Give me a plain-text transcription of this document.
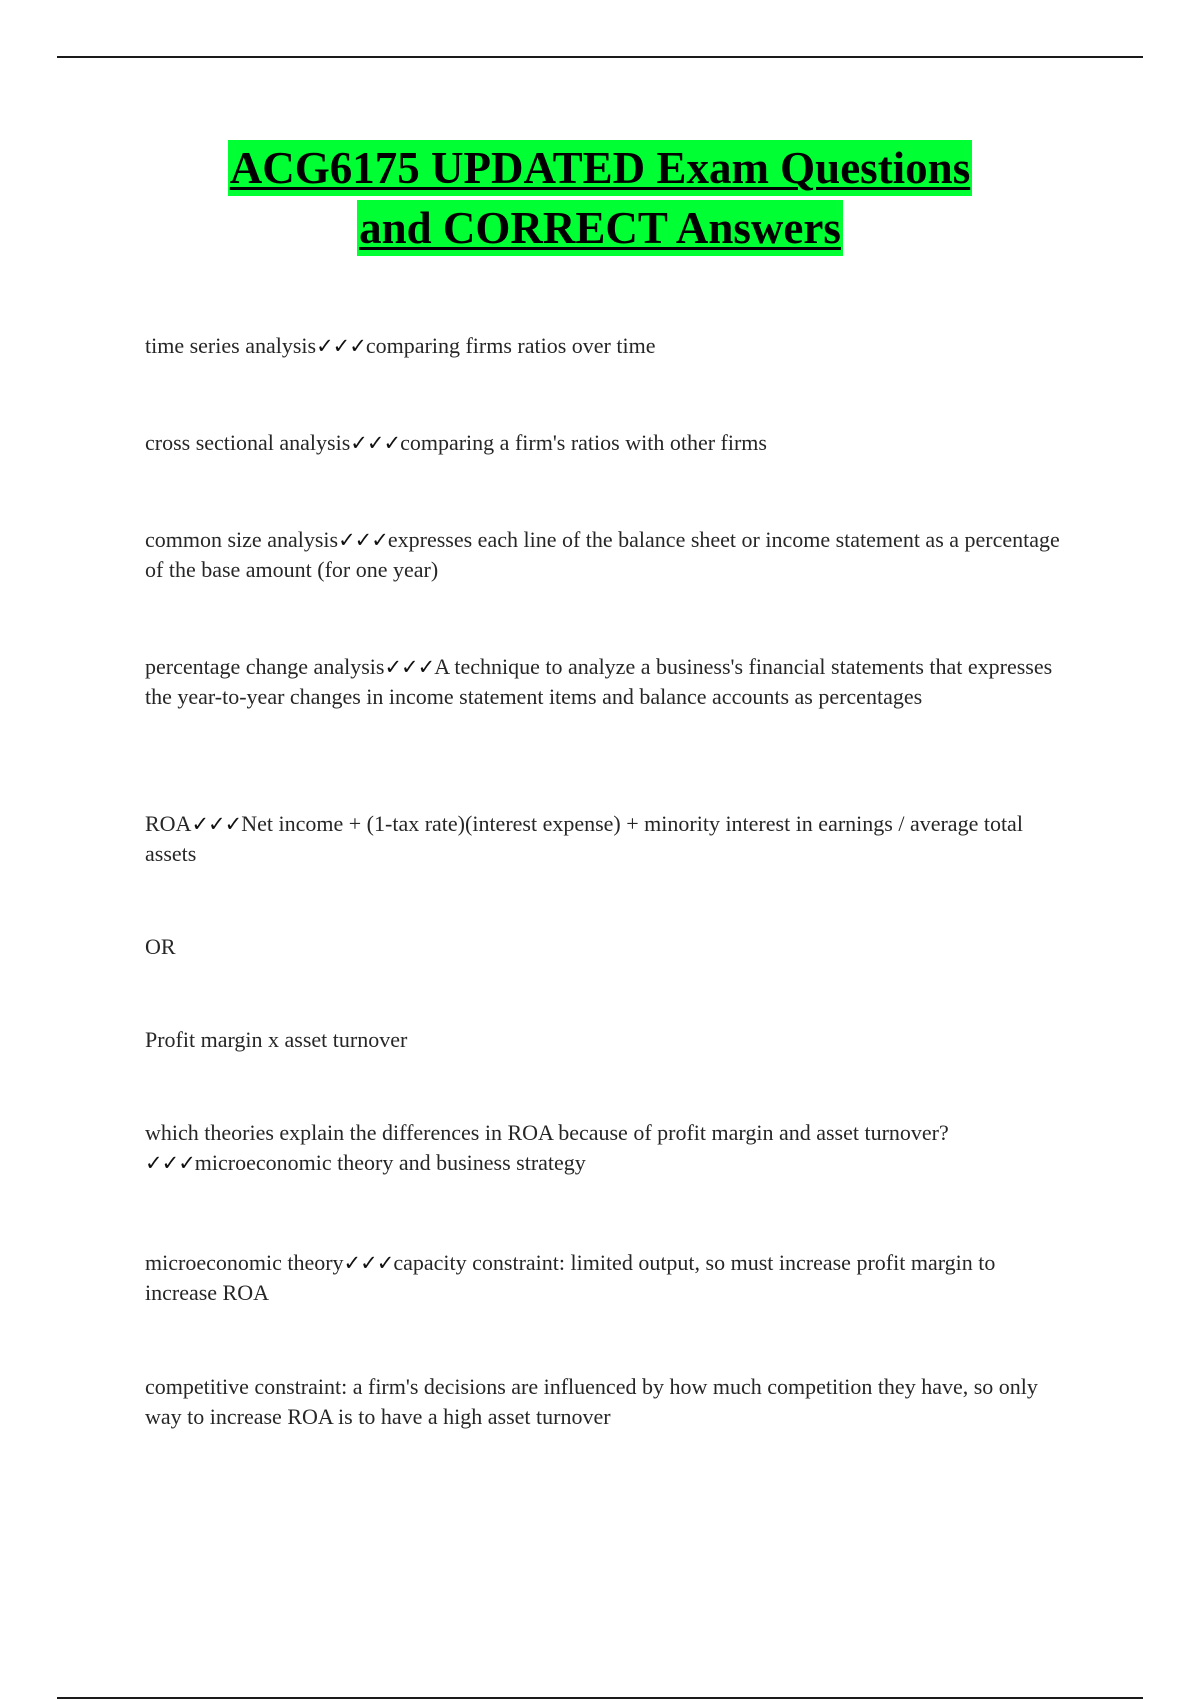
ACG6175 UPDATED Exam Questions
and CORRECT Answers
time series analysis✓✓✓comparing firms ratios over time
cross sectional analysis✓✓✓comparing a firm's ratios with other firms
common size analysis✓✓✓expresses each line of the balance sheet or income statement as a percentage of the base amount (for one year)
percentage change analysis✓✓✓A technique to analyze a business's financial statements that expresses the year-to-year changes in income statement items and balance accounts as percentages
ROA✓✓✓Net income + (1-tax rate)(interest expense) + minority interest in earnings / average total assets
OR
Profit margin x asset turnover
which theories explain the differences in ROA because of profit margin and asset turnover?✓✓✓microeconomic theory and business strategy
microeconomic theory✓✓✓capacity constraint: limited output, so must increase profit margin to increase ROA
competitive constraint: a firm's decisions are influenced by how much competition they have, so only way to increase ROA is to have a high asset turnover
